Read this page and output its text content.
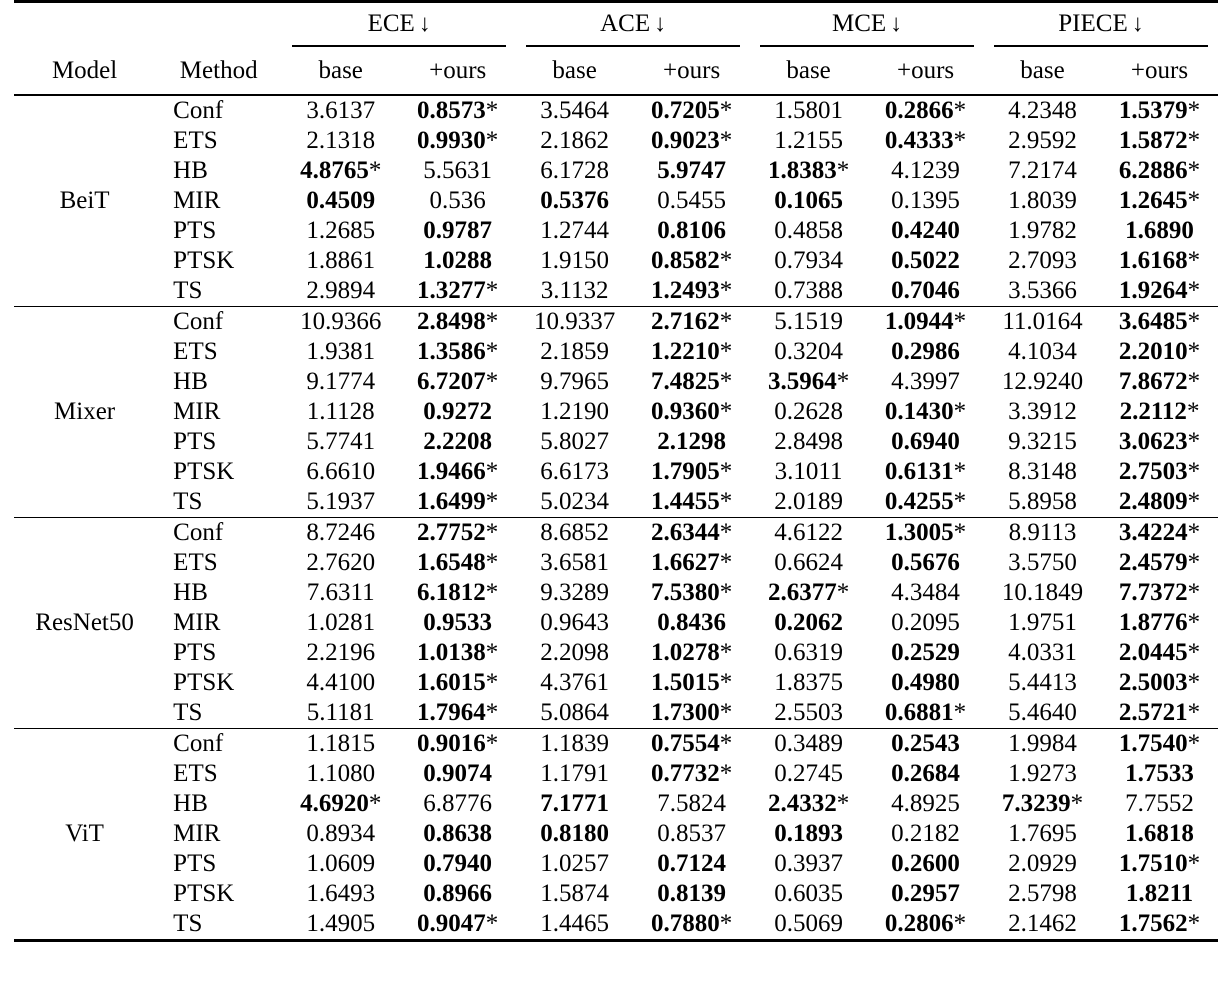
		ECE ↓		ACE ↓		MCE ↓		PIECE ↓	

Model	Method	base	+ours	base	+ours	base	+ours	base	+ours

BeiT	Conf	3.6137	0.8573*	3.5464	0.7205*	1.5801	0.2866*	4.2348	1.5379*
	ETS	2.1318	0.9930*	2.1862	0.9023*	1.2155	0.4333*	2.9592	1.5872*
	HB	4.8765*	5.5631	6.1728	5.9747	1.8383*	4.1239	7.2174	6.2886*
	MIR	0.4509	0.536	0.5376	0.5455	0.1065	0.1395	1.8039	1.2645*
	PTS	1.2685	0.9787	1.2744	0.8106	0.4858	0.4240	1.9782	1.6890
	PTSK	1.8861	1.0288	1.9150	0.8582*	0.7934	0.5022	2.7093	1.6168*
	TS	2.9894	1.3277*	3.1132	1.2493*	0.7388	0.7046	3.5366	1.9264*

Mixer	Conf	10.9366	2.8498*	10.9337	2.7162*	5.1519	1.0944*	11.0164	3.6485*
	ETS	1.9381	1.3586*	2.1859	1.2210*	0.3204	0.2986	4.1034	2.2010*
	HB	9.1774	6.7207*	9.7965	7.4825*	3.5964*	4.3997	12.9240	7.8672*
	MIR	1.1128	0.9272	1.2190	0.9360*	0.2628	0.1430*	3.3912	2.2112*
	PTS	5.7741	2.2208	5.8027	2.1298	2.8498	0.6940	9.3215	3.0623*
	PTSK	6.6610	1.9466*	6.6173	1.7905*	3.1011	0.6131*	8.3148	2.7503*
	TS	5.1937	1.6499*	5.0234	1.4455*	2.0189	0.4255*	5.8958	2.4809*

ResNet50	Conf	8.7246	2.7752*	8.6852	2.6344*	4.6122	1.3005*	8.9113	3.4224*
	ETS	2.7620	1.6548*	3.6581	1.6627*	0.6624	0.5676	3.5750	2.4579*
	HB	7.6311	6.1812*	9.3289	7.5380*	2.6377*	4.3484	10.1849	7.7372*
	MIR	1.0281	0.9533	0.9643	0.8436	0.2062	0.2095	1.9751	1.8776*
	PTS	2.2196	1.0138*	2.2098	1.0278*	0.6319	0.2529	4.0331	2.0445*
	PTSK	4.4100	1.6015*	4.3761	1.5015*	1.8375	0.4980	5.4413	2.5003*
	TS	5.1181	1.7964*	5.0864	1.7300*	2.5503	0.6881*	5.4640	2.5721*

ViT	Conf	1.1815	0.9016*	1.1839	0.7554*	0.3489	0.2543	1.9984	1.7540*
	ETS	1.1080	0.9074	1.1791	0.7732*	0.2745	0.2684	1.9273	1.7533
	HB	4.6920*	6.8776	7.1771	7.5824	2.4332*	4.8925	7.3239*	7.7552
	MIR	0.8934	0.8638	0.8180	0.8537	0.1893	0.2182	1.7695	1.6818
	PTS	1.0609	0.7940	1.0257	0.7124	0.3937	0.2600	2.0929	1.7510*
	PTSK	1.6493	0.8966	1.5874	0.8139	0.6035	0.2957	2.5798	1.8211
	TS	1.4905	0.9047*	1.4465	0.7880*	0.5069	0.2806*	2.1462	1.7562*
